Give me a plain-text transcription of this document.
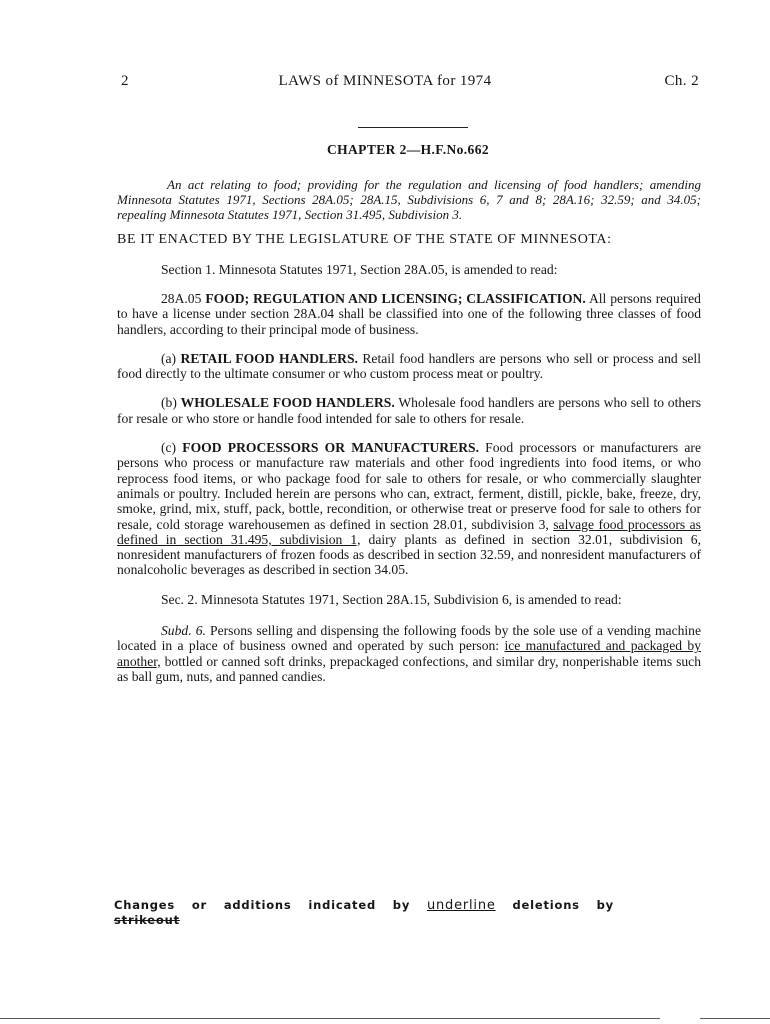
LAWS of MINNESOTA for 1974
2	Ch. 2
CHAPTER 2—H.F.No.662

An act relating to food; providing for the regulation and licensing of food handlers; amending Minnesota Statutes 1971, Sections 28A.05; 28A.15, Subdivisions 6, 7 and 8; 28A.16; 32.59; and 34.05; repealing Minnesota Statutes 1971, Section 31.495, Subdivision 3.

BE IT ENACTED BY THE LEGISLATURE OF THE STATE OF MINNESOTA:

Section 1. Minnesota Statutes 1971, Section 28A.05, is amended to read:

28A.05 FOOD; REGULATION AND LICENSING; CLASSIFICATION. All persons required to have a license under section 28A.04 shall be classified into one of the following three classes of food handlers, according to their principal mode of business.

(a) RETAIL FOOD HANDLERS. Retail food handlers are persons who sell or process and sell food directly to the ultimate consumer or who custom process meat or poultry.

(b) WHOLESALE FOOD HANDLERS. Wholesale food handlers are persons who sell to others for resale or who store or handle food intended for sale to others for resale.

(c) FOOD PROCESSORS OR MANUFACTURERS. Food processors or manufacturers are persons who process or manufacture raw materials and other food ingredients into food items, or who reprocess food items, or who package food for sale to others for resale, or who commercially slaughter animals or poultry. Included herein are persons who can, extract, ferment, distill, pickle, bake, freeze, dry, smoke, grind, mix, stuff, pack, bottle, recondition, or otherwise treat or preserve food for sale to others for resale, cold storage warehousemen as defined in section 28.01, subdivision 3, salvage food processors as defined in section 31.495, subdivision 1, dairy plants as defined in section 32.01, subdivision 6, nonresident manufacturers of frozen foods as described in section 32.59, and nonresident manufacturers of nonalcoholic beverages as described in section 34.05.

Sec. 2. Minnesota Statutes 1971, Section 28A.15, Subdivision 6, is amended to read:

Subd. 6. Persons selling and dispensing the following foods by the sole use of a vending machine located in a place of business owned and operated by such person: ice manufactured and packaged by another, bottled or canned soft drinks, prepackaged confections, and similar dry, nonperishable items such as ball gum, nuts, and panned candies.

Changes or additions indicated by underline deletions by strikeout
